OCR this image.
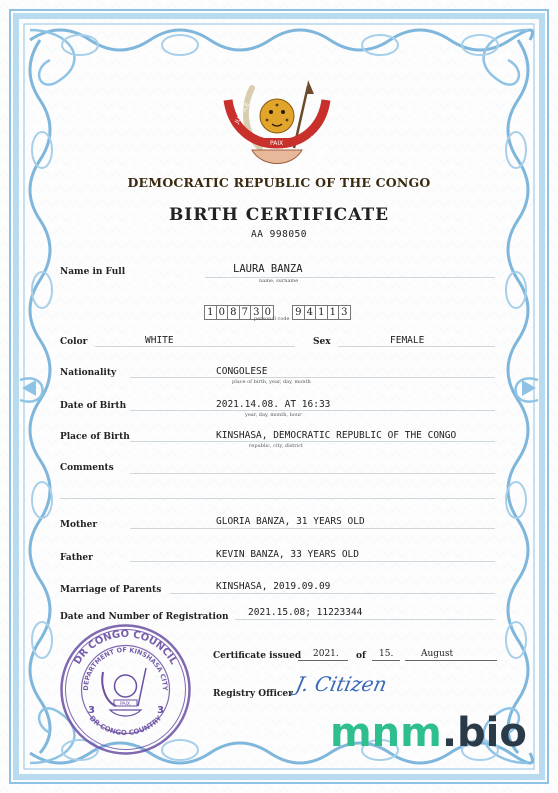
JUSTICE
PAIX	TRAVAIL
DEMOCRATIC REPUBLIC OF THE CONGO
BIRTH CERTIFICATE
AA 998050
Name in Full	LAURA BANZA
name, surname
1 0 8 7 3 0	9 4 1 1 3
personal code
Color	WHITE	Sex	FEMALE
Nationality	CONGOLESE
place of birth, year, day, month
Date of Birth	2021.14.08. AT 16:33
year, day, month, hour
Place of Birth	KINSHASA, DEMOCRATIC REPUBLIC OF THE CONGO
republic, city, district
Comments
Mother	GLORIA BANZA, 31 YEARS OLD
Father	KEVIN BANZA, 33 YEARS OLD
Marriage of Parents	KINSHASA, 2019.09.09
Date and Number of Registration 2021.15.08; 11223344
Certificate issued 2021. of 15.	August
Registry Officer J. Citizen
DR CONGO COUNCIL
DEPARTMENT OF KINSHASA CITY
DR CONGO COUNTRY
PAIX
3	3	mnm.bio
